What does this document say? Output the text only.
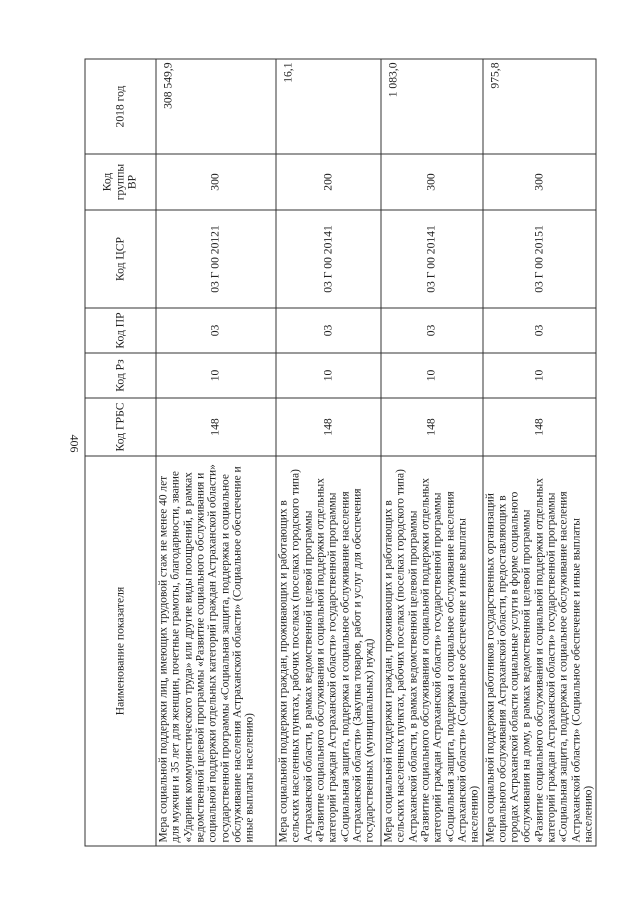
406
Наименование показателя	Код ГРБС	Код Рз	Код ПР	Код ЦСР	Код группы ВР	2018 год
Мера социальной поддержки лиц, имеющих трудовой стаж не менее 40 лет для мужчин и 35 лет для женщин, почетные грамоты, благодарности, звание «Ударник коммунистического труда» или другие виды поощрений, в рамках ведомственной целевой программы «Развитие социального обслуживания и социальной поддержки отдельных категорий граждан Астраханской области» государственной программы «Социальная защита, поддержка и социальное обслуживание населения Астраханской области» (Социальное обеспечение и иные выплаты населению)	148	10	03	03 Г 00 20121	300	308 549,9
Мера социальной поддержки граждан, проживающих и работающих в сельских населенных пунктах, рабочих поселках (поселках городского типа) Астраханской области, в рамках ведомственной целевой программы «Развитие социального обслуживания и социальной поддержки отдельных категорий граждан Астраханской области» государственной программы «Социальная защита, поддержка и социальное обслуживание населения Астраханской области» (Закупка товаров, работ и услуг для обеспечения государственных (муниципальных) нужд)	148	10	03	03 Г 00 20141	200	16,1
Мера социальной поддержки граждан, проживающих и работающих в сельских населенных пунктах, рабочих поселках (поселках городского типа) Астраханской области, в рамках ведомственной целевой программы «Развитие социального обслуживания и социальной поддержки отдельных категорий граждан Астраханской области» государственной программы «Социальная защита, поддержка и социальное обслуживание населения Астраханской области» (Социальное обеспечение и иные выплаты населению)	148	10	03	03 Г 00 20141	300	1 083,0
Мера социальной поддержки работников государственных организаций социального обслуживания Астраханской области, предоставляющих в городах Астраханской области социальные услуги в форме социального обслуживания на дому, в рамках ведомственной целевой программы «Развитие социального обслуживания и социальной поддержки отдельных категорий граждан Астраханской области» государственной программы «Социальная защита, поддержка и социальное обслуживание населения Астраханской области» (Социальное обеспечение и иные выплаты населению)	148	10	03	03 Г 00 20151	300	975,8
